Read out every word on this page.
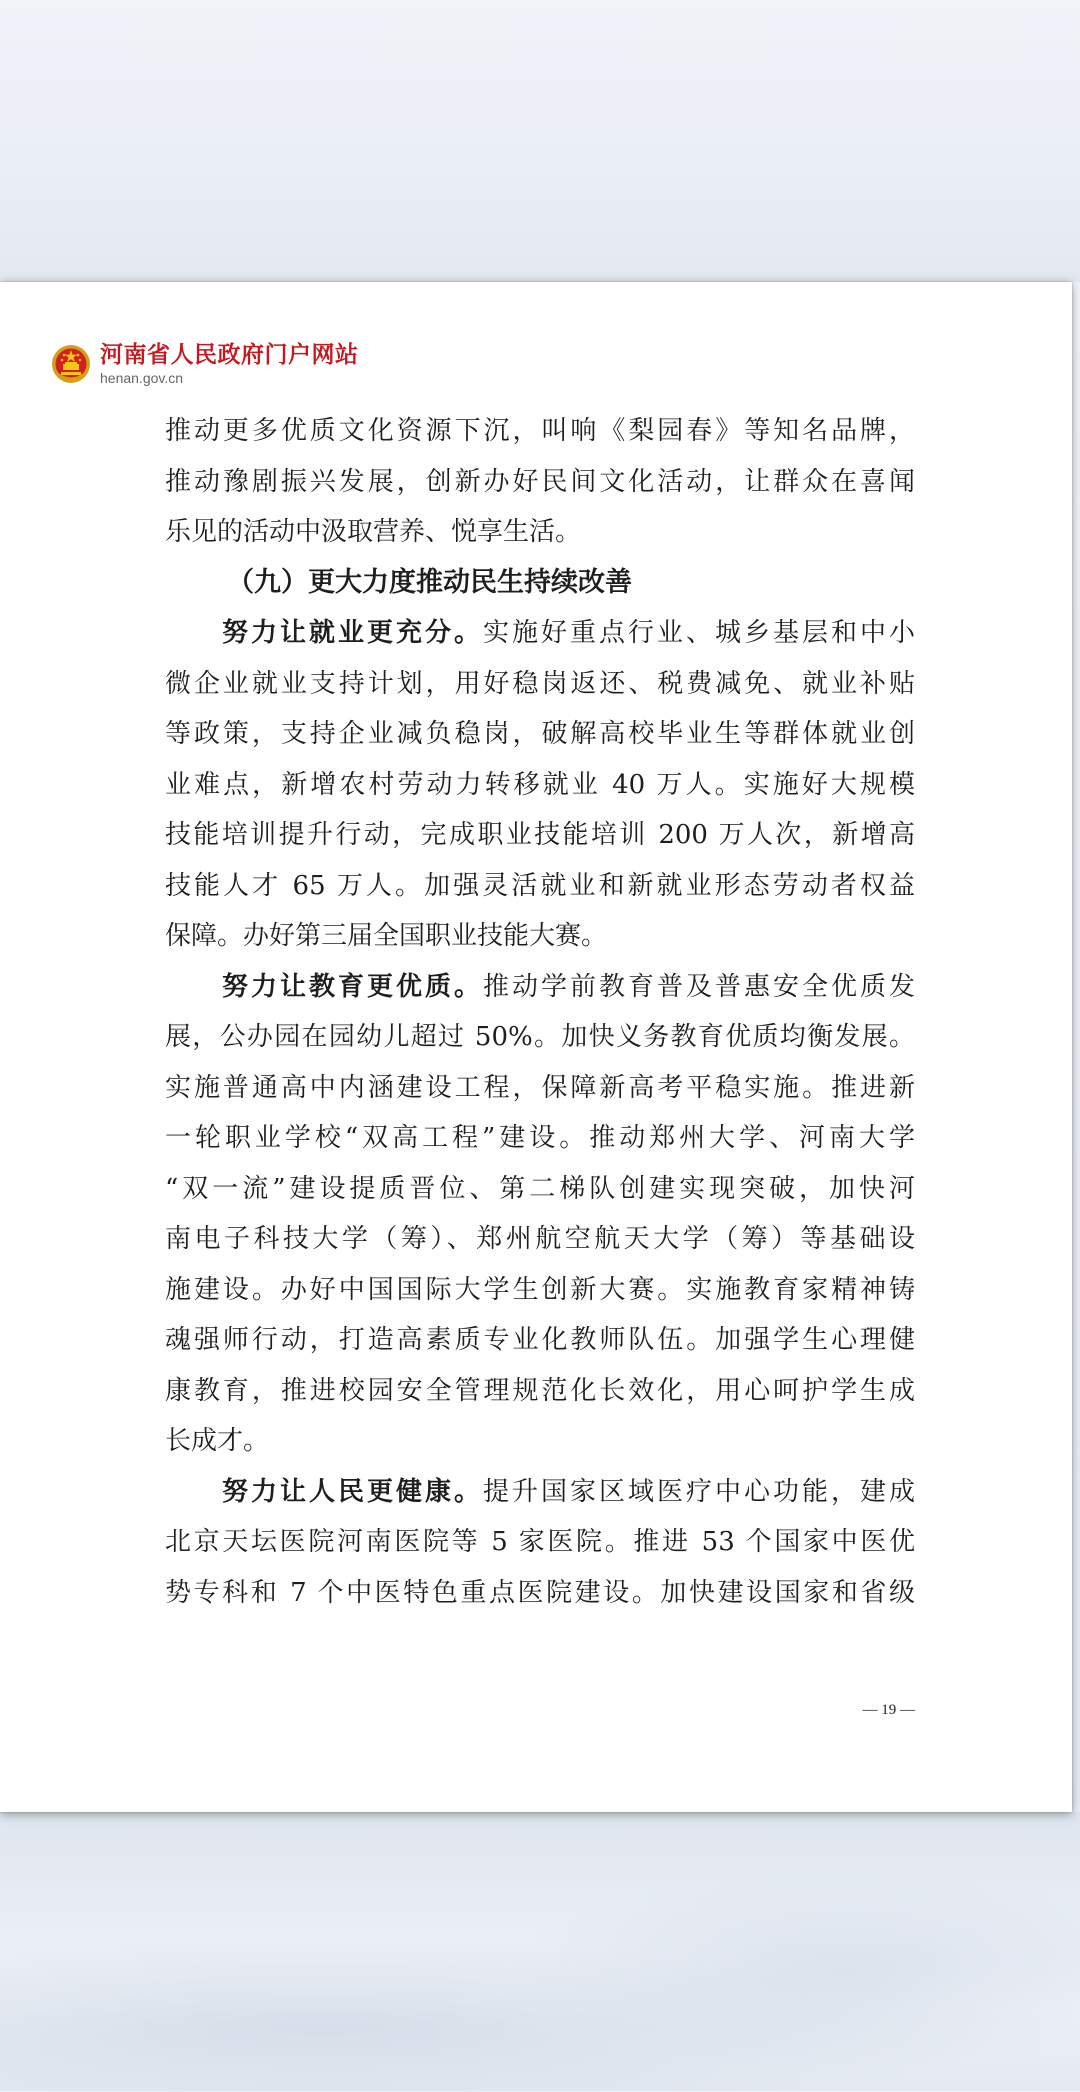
河南省人民政府门户网站
henan.gov.cn
推动更多优质文化资源下沉，叫响《梨园春》等知名品牌，
推动豫剧振兴发展，创新办好民间文化活动，让群众在喜闻
乐见的活动中汲取营养、悦享生活。
（九）更大力度推动民生持续改善
努力让就业更充分。实施好重点行业、城乡基层和中小
微企业就业支持计划，用好稳岗返还、税费减免、就业补贴
等政策，支持企业减负稳岗，破解高校毕业生等群体就业创
业难点，新增农村劳动力转移就业 40 万人。实施好大规模
技能培训提升行动，完成职业技能培训 200 万人次，新增高
技能人才 65 万人。加强灵活就业和新就业形态劳动者权益
保障。办好第三届全国职业技能大赛。
努力让教育更优质。推动学前教育普及普惠安全优质发
展，公办园在园幼儿超过 50%。加快义务教育优质均衡发展。
实施普通高中内涵建设工程，保障新高考平稳实施。推进新
一轮职业学校“双高工程”建设。推动郑州大学、河南大学
“双一流”建设提质晋位、第二梯队创建实现突破，加快河
南电子科技大学（筹）、郑州航空航天大学（筹）等基础设
施建设。办好中国国际大学生创新大赛。实施教育家精神铸
魂强师行动，打造高素质专业化教师队伍。加强学生心理健
康教育，推进校园安全管理规范化长效化，用心呵护学生成
长成才。
努力让人民更健康。提升国家区域医疗中心功能，建成
北京天坛医院河南医院等 5 家医院。推进 53 个国家中医优
势专科和 7 个中医特色重点医院建设。加快建设国家和省级
— 19 —
